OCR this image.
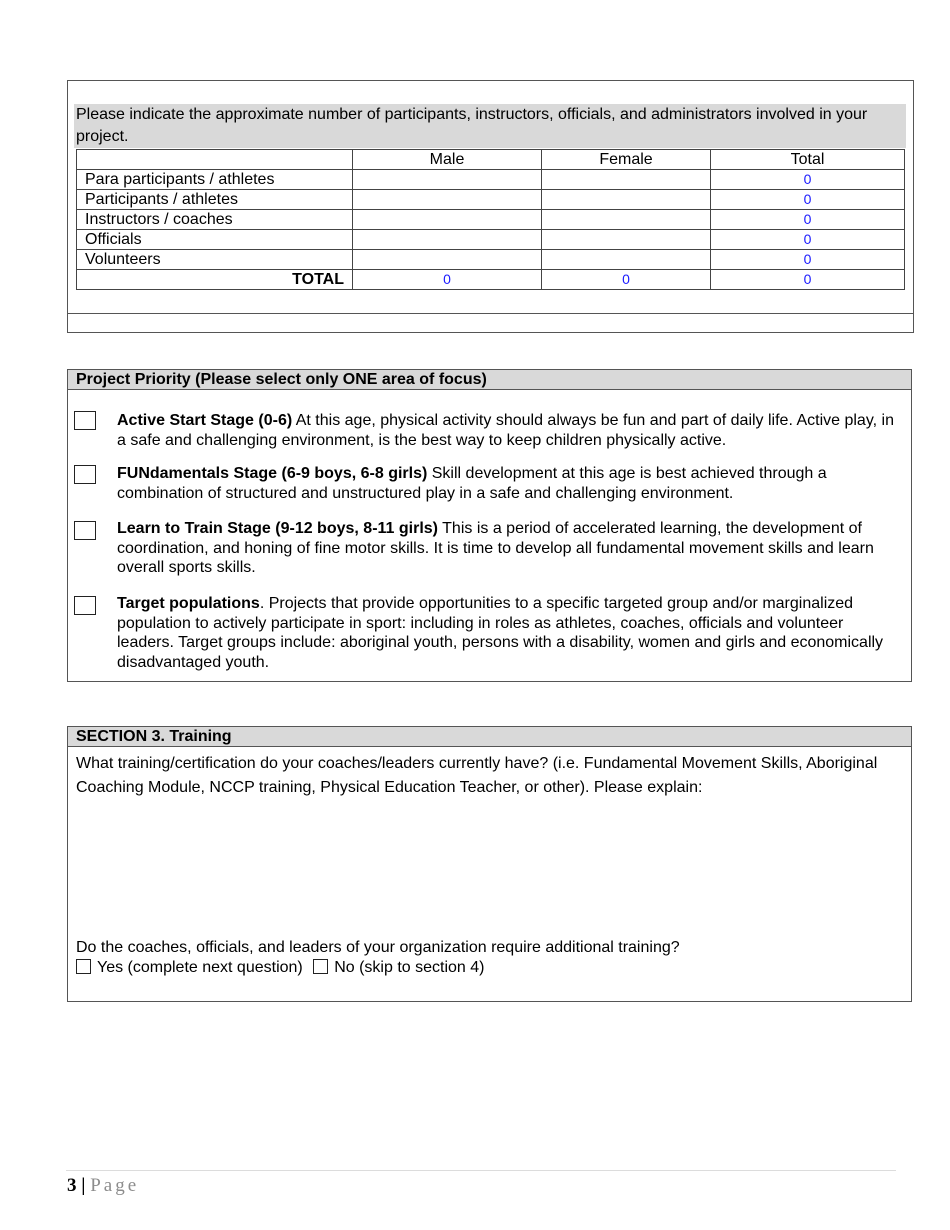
Please indicate the approximate number of participants, instructors, officials, and administrators involved in your project.
	Male	Female	Total
Para participants / athletes			0
Participants / athletes			0
Instructors / coaches			0
Officials			0
Volunteers			0
TOTAL	0	0	0
Project Priority (Please select only ONE area of focus)
Active Start Stage (0-6) At this age, physical activity should always be fun and part of daily life. Active play, in a safe and challenging environment, is the best way to keep children physically active.
FUNdamentals Stage (6-9 boys, 6-8 girls) Skill development at this age is best achieved through a combination of structured and unstructured play in a safe and challenging environment.
Learn to Train Stage (9-12 boys, 8-11 girls) This is a period of accelerated learning, the development of coordination, and honing of fine motor skills. It is time to develop all fundamental movement skills and learn overall sports skills.
Target populations. Projects that provide opportunities to a specific targeted group and/or marginalized population to actively participate in sport: including in roles as athletes, coaches, officials and volunteer leaders. Target groups include: aboriginal youth, persons with a disability, women and girls and economically disadvantaged youth.
SECTION 3. Training
What training/certification do your coaches/leaders currently have? (i.e. Fundamental Movement Skills, Aboriginal Coaching Module, NCCP training, Physical Education Teacher, or other). Please explain:
Do the coaches, officials, and leaders of your organization require additional training?
Yes (complete next question) No (skip to section 4)
3 | Page
